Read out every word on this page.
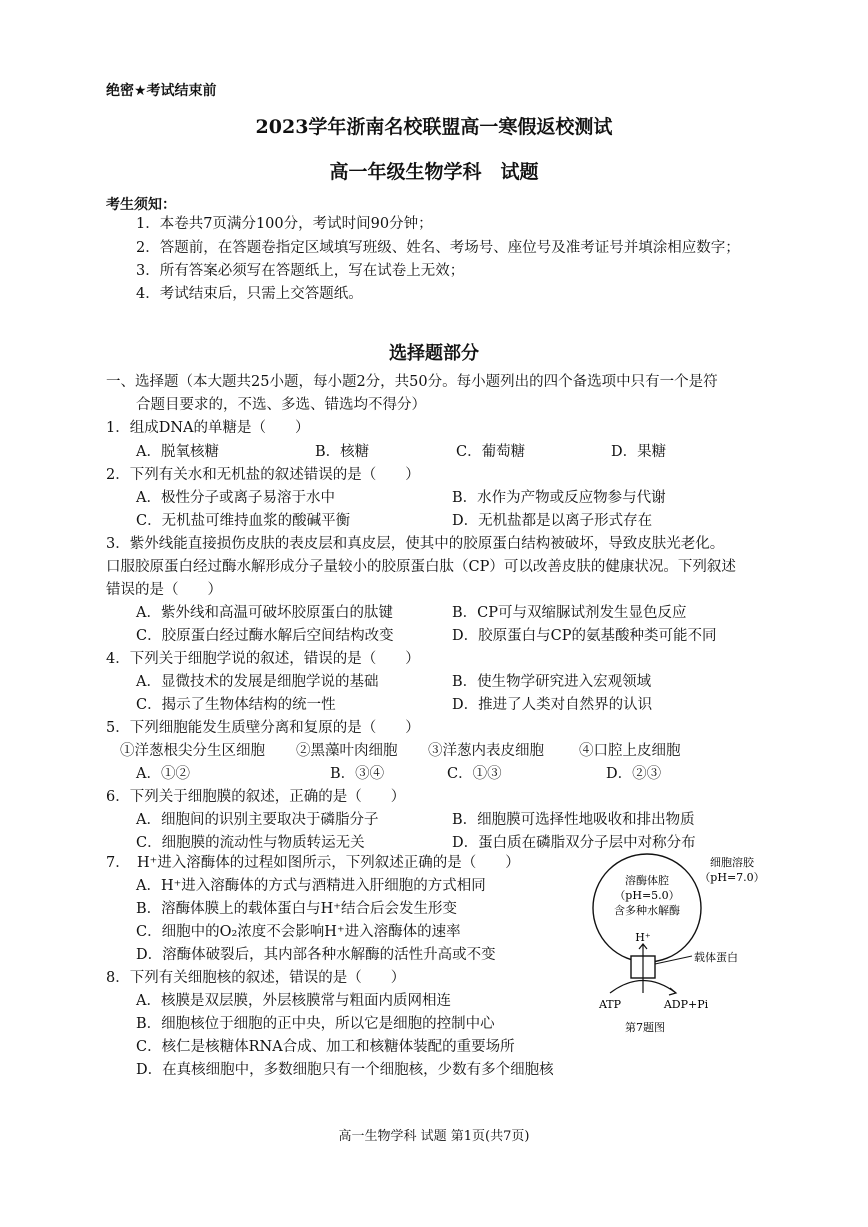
绝密★考试结束前
2023学年浙南名校联盟高一寒假返校测试
高一年级生物学科　试题
考生须知：
1．本卷共7页满分100分，考试时间90分钟；
2．答题前，在答题卷指定区域填写班级、姓名、考场号、座位号及准考证号并填涂相应数字；
3．所有答案必须写在答题纸上，写在试卷上无效；
4．考试结束后，只需上交答题纸。
选择题部分
一、选择题（本大题共25小题，每小题2分，共50分。每小题列出的四个备选项中只有一个是符
合题目要求的，不选、多选、错选均不得分）
1．组成DNA的单糖是（　　）
A．脱氧核糖	B．核糖	C．葡萄糖	D．果糖
2．下列有关水和无机盐的叙述错误的是（　　）
A．极性分子或离子易溶于水中	B．水作为产物或反应物参与代谢
C．无机盐可维持血浆的酸碱平衡	D．无机盐都是以离子形式存在
3．紫外线能直接损伤皮肤的表皮层和真皮层，使其中的胶原蛋白结构被破坏，导致皮肤光老化。
口服胶原蛋白经过酶水解形成分子量较小的胶原蛋白肽（CP）可以改善皮肤的健康状况。下列叙述
错误的是（　　）
A．紫外线和高温可破坏胶原蛋白的肽键	B．CP可与双缩脲试剂发生显色反应
C．胶原蛋白经过酶水解后空间结构改变	D．胶原蛋白与CP的氨基酸种类可能不同
4．下列关于细胞学说的叙述，错误的是（　　）
A．显微技术的发展是细胞学说的基础	B．使生物学研究进入宏观领域
C．揭示了生物体结构的统一性	D．推进了人类对自然界的认识
5．下列细胞能发生质壁分离和复原的是（　　）
①洋葱根尖分生区细胞 ②黑藻叶肉细胞 ③洋葱内表皮细胞 ④口腔上皮细胞
A．①②	B．③④	C．①③	D．②③
6．下列关于细胞膜的叙述，正确的是（　　）
A．细胞间的识别主要取决于磷脂分子	B．细胞膜可选择性地吸收和排出物质
C．细胞膜的流动性与物质转运无关	D．蛋白质在磷脂双分子层中对称分布
7．　H⁺进入溶酶体的过程如图所示，下列叙述正确的是（　　）
A．H⁺进入溶酶体的方式与酒精进入肝细胞的方式相同
B．溶酶体膜上的载体蛋白与H⁺结合后会发生形变
C．细胞中的O₂浓度不会影响H⁺进入溶酶体的速率
D．溶酶体破裂后，其内部各种水解酶的活性升高或不变
8．下列有关细胞核的叙述，错误的是（　　）
A．核膜是双层膜，外层核膜常与粗面内质网相连
B．细胞核位于细胞的正中央，所以它是细胞的控制中心
C．核仁是核糖体RNA合成、加工和核糖体装配的重要场所
D．在真核细胞中，多数细胞只有一个细胞核，少数有多个细胞核
溶酶体腔
（pH=5.0）
含多种水解酶
细胞溶胶
（pH=7.0）
H⁺
载体蛋白
ATP	ADP+Pi
第7题图
高一生物学科 试题 第1页(共7页)
